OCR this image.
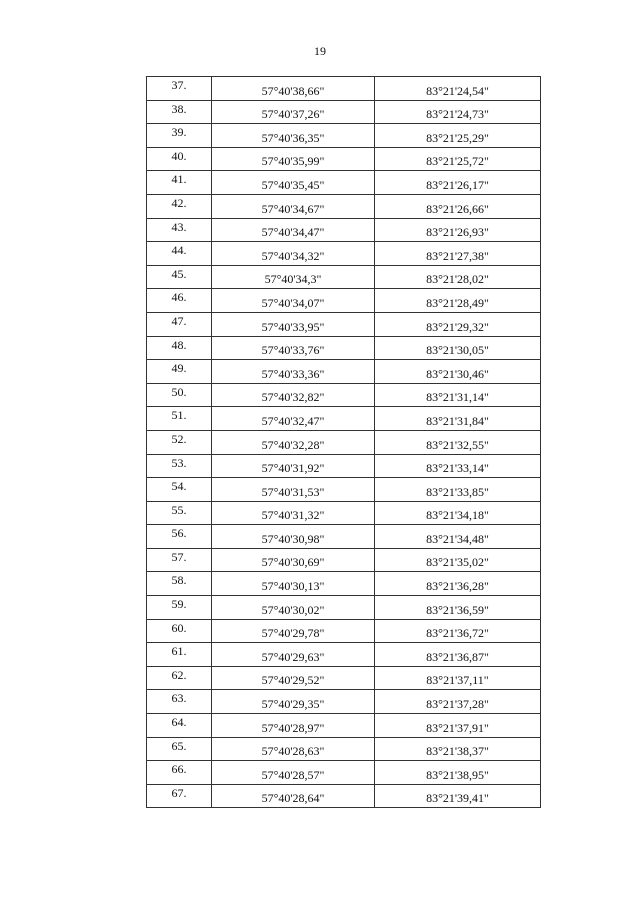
19
37.	57°40'38,66"	83°21'24,54"
38.	57°40'37,26"	83°21'24,73"
39.	57°40'36,35"	83°21'25,29"
40.	57°40'35,99"	83°21'25,72"
41.	57°40'35,45"	83°21'26,17"
42.	57°40'34,67"	83°21'26,66"
43.	57°40'34,47"	83°21'26,93"
44.	57°40'34,32"	83°21'27,38"
45.	57°40'34,3"	83°21'28,02"
46.	57°40'34,07"	83°21'28,49"
47.	57°40'33,95"	83°21'29,32"
48.	57°40'33,76"	83°21'30,05"
49.	57°40'33,36"	83°21'30,46"
50.	57°40'32,82"	83°21'31,14"
51.	57°40'32,47"	83°21'31,84"
52.	57°40'32,28"	83°21'32,55"
53.	57°40'31,92"	83°21'33,14"
54.	57°40'31,53"	83°21'33,85"
55.	57°40'31,32"	83°21'34,18"
56.	57°40'30,98"	83°21'34,48"
57.	57°40'30,69"	83°21'35,02"
58.	57°40'30,13"	83°21'36,28"
59.	57°40'30,02"	83°21'36,59"
60.	57°40'29,78"	83°21'36,72"
61.	57°40'29,63"	83°21'36,87"
62.	57°40'29,52"	83°21'37,11"
63.	57°40'29,35"	83°21'37,28"
64.	57°40'28,97"	83°21'37,91"
65.	57°40'28,63"	83°21'38,37"
66.	57°40'28,57"	83°21'38,95"
67.	57°40'28,64"	83°21'39,41"
